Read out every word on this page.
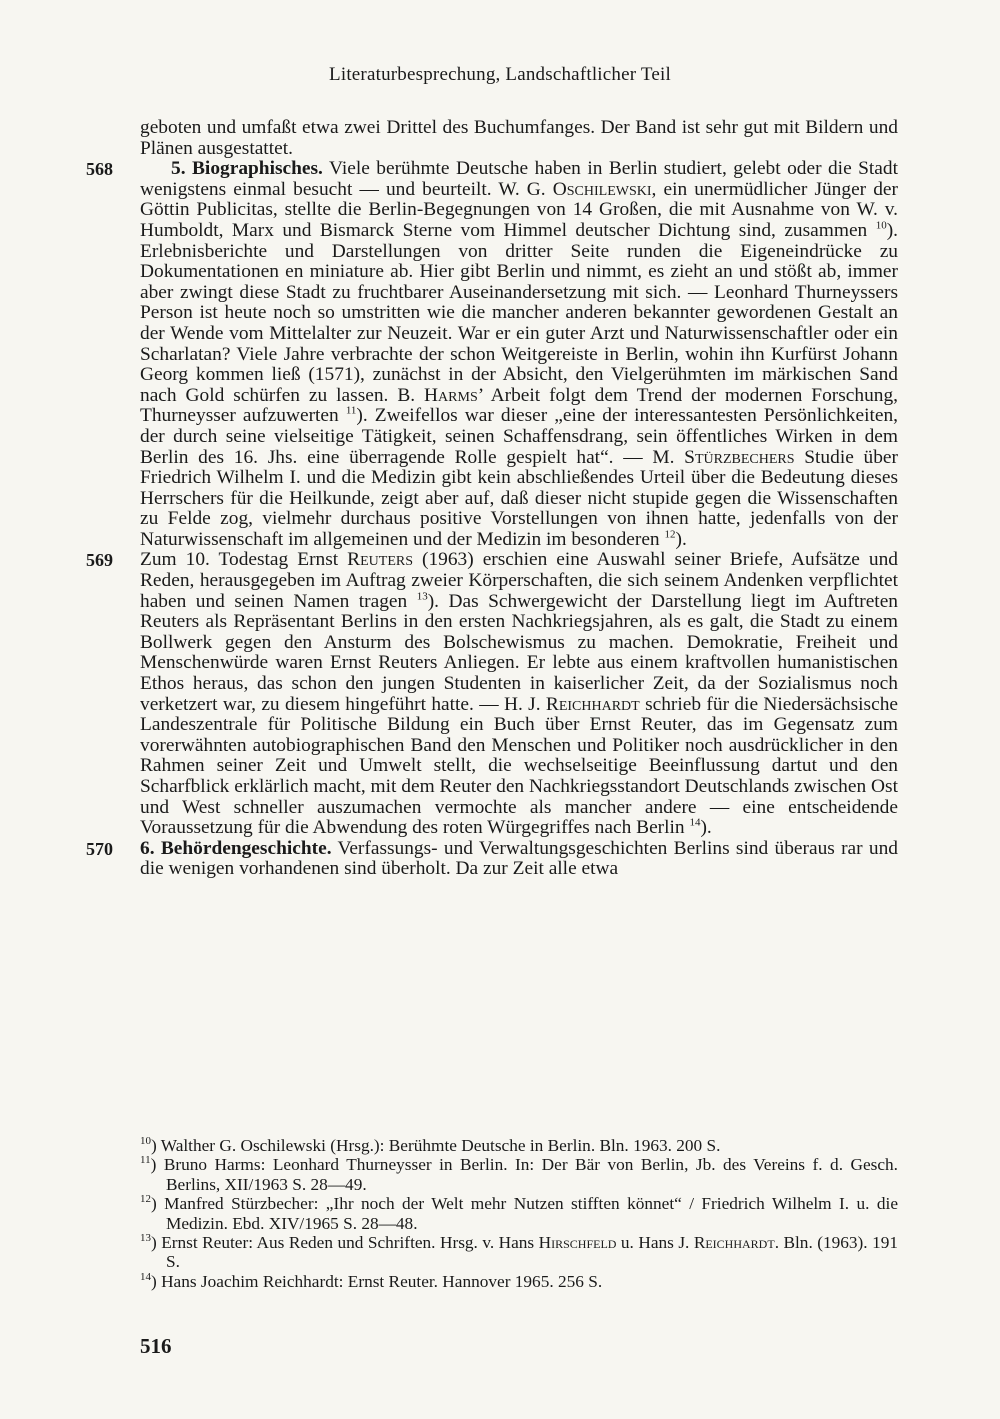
Literaturbesprechung, Landschaftlicher Teil

geboten und umfaßt etwa zwei Drittel des Buchumfanges. Der Band ist sehr gut mit Bildern und Plänen ausgestattet.

568	5. Biographisches. Viele berühmte Deutsche haben in Berlin studiert, gelebt oder die Stadt wenigstens einmal besucht — und beurteilt. W. G. Oschilewski, ein unermüdlicher Jünger der Göttin Publicitas, stellte die Berlin-Begegnungen von 14 Großen, die mit Ausnahme von W. v. Humboldt, Marx und Bismarck Sterne vom Himmel deutscher Dichtung sind, zusammen $^{10}$). Erlebnisberichte und Darstellungen von dritter Seite runden die Eigeneindrücke zu Dokumentationen en miniature ab. Hier gibt Berlin und nimmt, es zieht an und stößt ab, immer aber zwingt diese Stadt zu fruchtbarer Auseinandersetzung mit sich. — Leonhard Thurneyssers Person ist heute noch so umstritten wie die mancher anderen bekannter gewordenen Gestalt an der Wende vom Mittelalter zur Neuzeit. War er ein guter Arzt und Naturwissenschaftler oder ein Scharlatan? Viele Jahre verbrachte der schon Weitgereiste in Berlin, wohin ihn Kurfürst Johann Georg kommen ließ (1571), zunächst in der Absicht, den Vielgerühmten im märkischen Sand nach Gold schürfen zu lassen. B. Harms’ Arbeit folgt dem Trend der modernen Forschung, Thurneysser aufzuwerten $^{11}$). Zweifellos war dieser „eine der interessantesten Persönlichkeiten, der durch seine vielseitige Tätigkeit, seinen Schaffensdrang, sein öffentliches Wirken in dem Berlin des 16. Jhs. eine überragende Rolle gespielt hat“. — M. Stürzbechers Studie über Friedrich Wilhelm I. und die Medizin gibt kein abschließendes Urteil über die Bedeutung dieses Herrschers für die Heilkunde, zeigt aber auf, daß dieser nicht stupide gegen die Wissenschaften zu Felde zog, vielmehr durchaus positive Vorstellungen von ihnen hatte, jedenfalls von der Naturwissenschaft im allgemeinen und der Medizin im besonderen $^{12}$).

569 Zum 10. Todestag Ernst Reuters (1963) erschien eine Auswahl seiner Briefe, Aufsätze und Reden, herausgegeben im Auftrag zweier Körperschaften, die sich seinem Andenken verpflichtet haben und seinen Namen tragen $^{13}$). Das Schwergewicht der Darstellung liegt im Auftreten Reuters als Repräsentant Berlins in den ersten Nachkriegsjahren, als es galt, die Stadt zu einem Bollwerk gegen den Ansturm des Bolschewismus zu machen. Demokratie, Freiheit und Menschenwürde waren Ernst Reuters Anliegen. Er lebte aus einem kraftvollen humanistischen Ethos heraus, das schon den jungen Studenten in kaiserlicher Zeit, da der Sozialismus noch verketzert war, zu diesem hingeführt hatte. — H. J. Reichhardt schrieb für die Niedersächsische Landeszentrale für Politische Bildung ein Buch über Ernst Reuter, das im Gegensatz zum vorerwähnten autobiographischen Band den Menschen und Politiker noch ausdrücklicher in den Rahmen seiner Zeit und Umwelt stellt, die wechselseitige Beeinflussung dartut und den Scharfblick erklärlich macht, mit dem Reuter den Nachkriegsstandort Deutschlands zwischen Ost und West schneller auszumachen vermochte als mancher andere — eine entscheidende Voraussetzung für die Abwendung des roten Würgegriffes nach Berlin $^{14}$).

570 6. Behördengeschichte. Verfassungs- und Verwaltungsgeschichten Berlins sind überaus rar und die wenigen vorhandenen sind überholt. Da zur Zeit alle etwa

$^{10}$) Walther G. Oschilewski (Hrsg.): Berühmte Deutsche in Berlin. Bln. 1963. 200 S.

$^{11}$) Bruno Harms: Leonhard Thurneysser in Berlin. In: Der Bär von Berlin, Jb. des Vereins f. d. Gesch. Berlins, XII/1963 S. 28—49.

$^{12}$) Manfred Stürzbecher: „Ihr noch der Welt mehr Nutzen stifften könnet“ / Friedrich Wilhelm I. u. die Medizin. Ebd. XIV/1965 S. 28—48.

$^{13}$) Ernst Reuter: Aus Reden und Schriften. Hrsg. v. Hans Hirschfeld u. Hans J. Reichhardt. Bln. (1963). 191 S.

$^{14}$) Hans Joachim Reichhardt: Ernst Reuter. Hannover 1965. 256 S.

516
